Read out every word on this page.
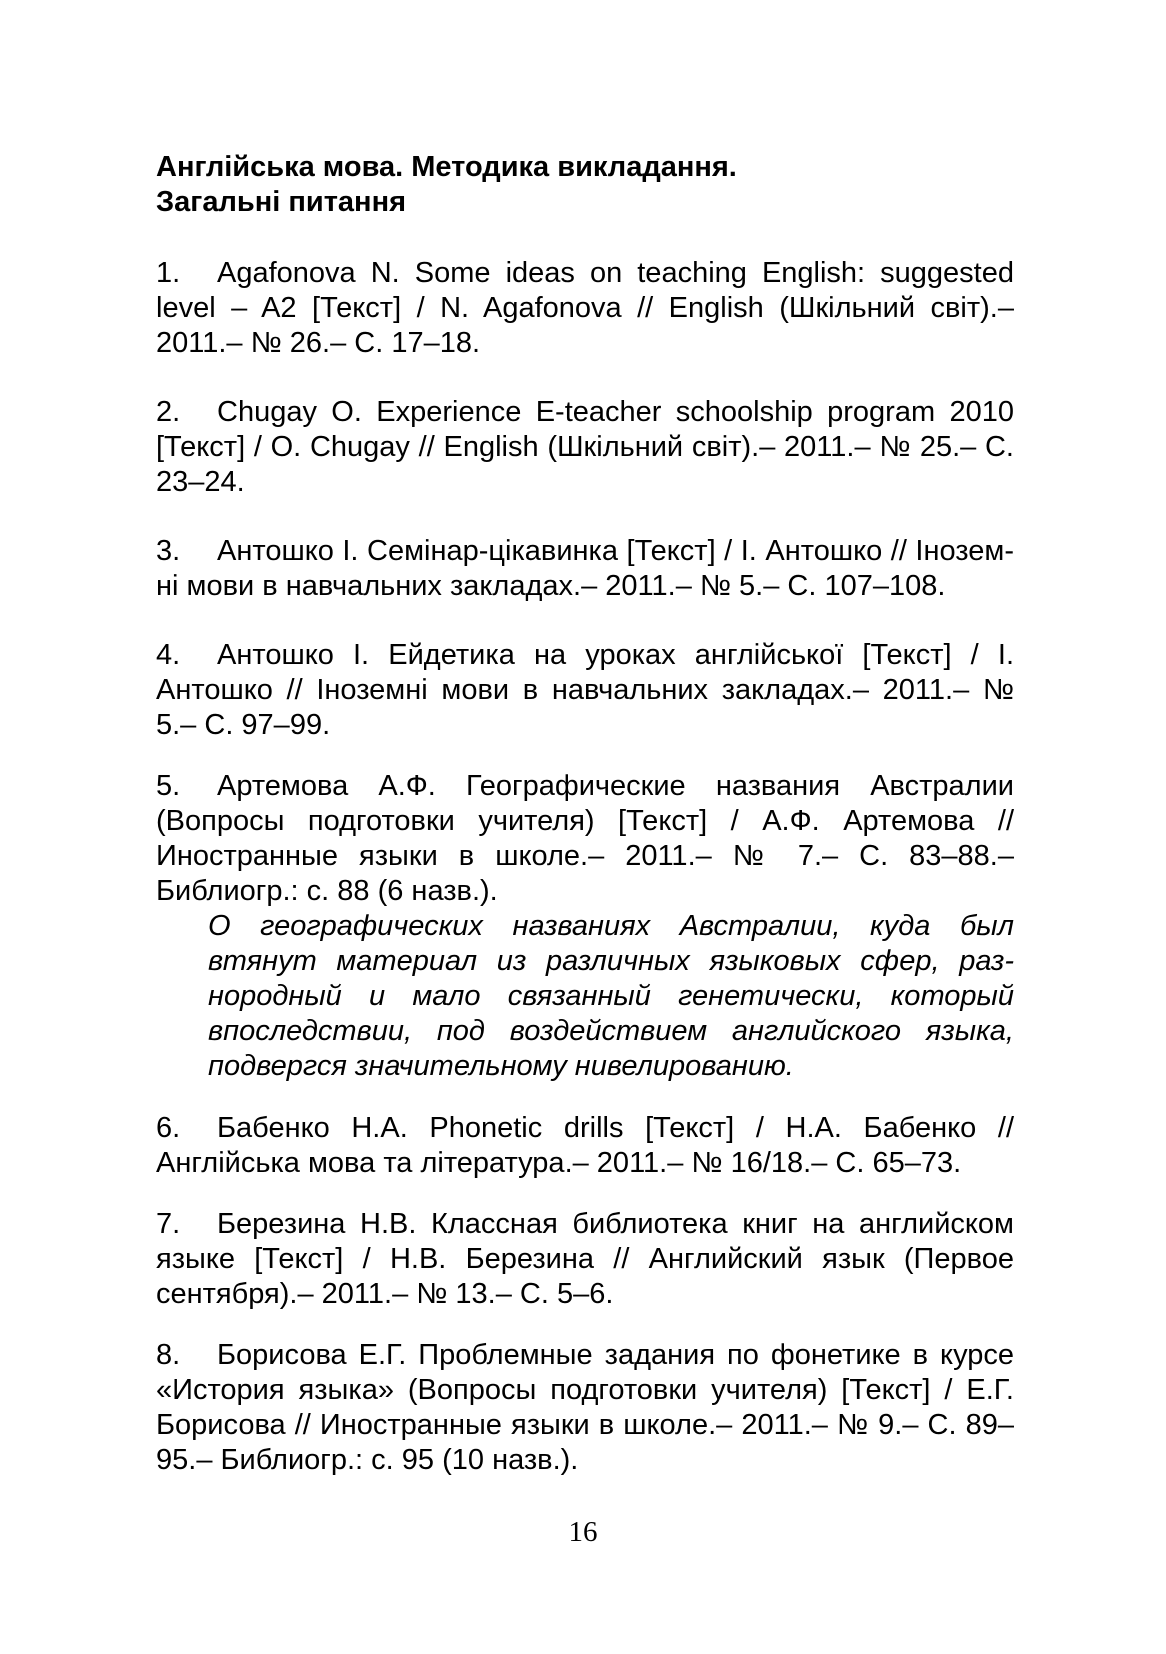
Англійська мова. Методика викладання.
Загальні питання

1. Agafonova N. Some ideas on teaching English: suggested level – A2 [Текст] / N. Agafonova // English (Шкільний світ).– 2011.– № 26.– С. 17–18.

2. Chugay O. Experience E-teacher schoolship program 2010 [Текст] / O. Chugay // English (Шкільний світ).– 2011.– № 25.– С. 23–24.

3. Антошко І. Семінар-цікавинка [Текст] / І. Антошко // Інозем-ні мови в навчальних закладах.– 2011.– № 5.– С. 107–108.

4. Антошко І. Ейдетика на уроках англійської [Текст] / І. Антошко // Іноземні мови в навчальних закладах.– 2011.– № 5.– С. 97–99.

5. Артемова А.Ф. Географические названия Австралии (Вопросы подготовки учителя) [Текст] / А.Ф. Артемова // Иностранные языки в школе.– 2011.– № 7.– С. 83–88.– Библиогр.: с. 88 (6 назв.).

О географических названиях Австралии, куда был втянут материал из различных языковых сфер, раз-нородный и мало связанный генетически, который впоследствии, под воздействием английского языка, подвергся значительному нивелированию.

6. Бабенко Н.А. Phonetic drills [Текст] / Н.А. Бабенко // Англійська мова та література.– 2011.– № 16/18.– С. 65–73.

7. Березина Н.В. Классная библиотека книг на английском языке [Текст] / Н.В. Березина // Английский язык (Первое сентября).– 2011.– № 13.– С. 5–6.

8. Борисова Е.Г. Проблемные задания по фонетике в курсе «История языка» (Вопросы подготовки учителя) [Текст] / Е.Г. Борисова // Иностранные языки в школе.– 2011.– № 9.– С. 89–95.– Библиогр.: с. 95 (10 назв.).

16
